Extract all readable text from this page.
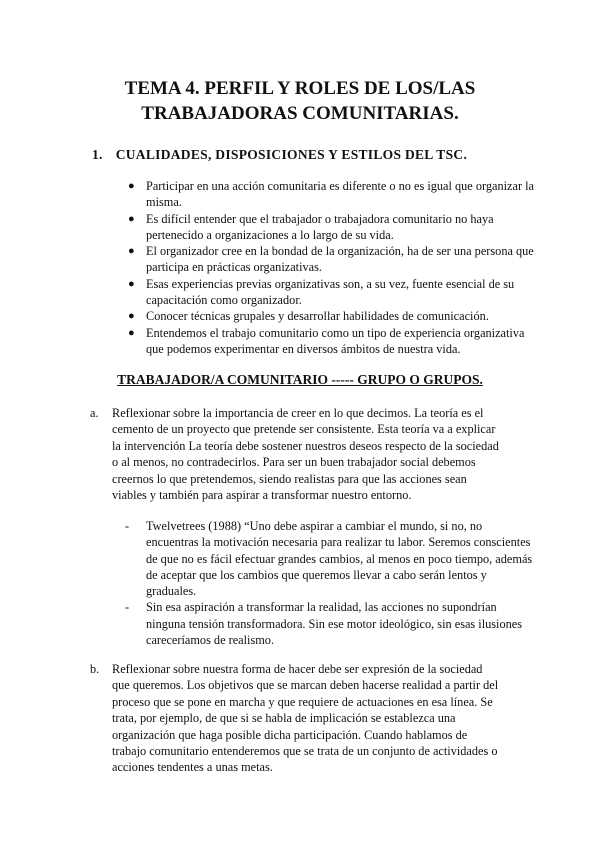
TEMA 4. PERFIL Y ROLES DE LOS/LAS
TRABAJADORAS COMUNITARIAS.
1. CUALIDADES, DISPOSICIONES Y ESTILOS DEL TSC.
● Participar en una acción comunitaria es diferente o no es igual que organizar la misma.
● Es difícil entender que el trabajador o trabajadora comunitario no haya pertenecido a organizaciones a lo largo de su vida.
● El organizador cree en la bondad de la organización, ha de ser una persona que participa en prácticas organizativas.
● Esas experiencias previas organizativas son, a su vez, fuente esencial de su capacitación como organizador.
● Conocer técnicas grupales y desarrollar habilidades de comunicación.
● Entendemos el trabajo comunitario como un tipo de experiencia organizativa que podemos experimentar en diversos ámbitos de nuestra vida.
TRABAJADOR/A COMUNITARIO ----- GRUPO O GRUPOS.

a.	Reflexionar sobre la importancia de creer en lo que decimos. La teoría es el cemento de un proyecto que pretende ser consistente. Esta teoría va a explicar la intervención La teoría debe sostener nuestros deseos respecto de la sociedad o al menos, no contradecirlos. Para ser un buen trabajador social debemos creernos lo que pretendemos, siendo realistas para que las acciones sean viables y también para aspirar a transformar nuestro entorno.

- Twelvetrees (1988) “Uno debe aspirar a cambiar el mundo, si no, no encuentras la motivación necesaria para realizar tu labor. Seremos conscientes de que no es fácil efectuar grandes cambios, al menos en poco tiempo, además de aceptar que los cambios que queremos llevar a cabo serán lentos y graduales.
- Sin esa aspiración a transformar la realidad, las acciones no supondrían ninguna tensión transformadora. Sin ese motor ideológico, sin esas ilusiones careceríamos de realismo.

b.	Reflexionar sobre nuestra forma de hacer debe ser expresión de la sociedad que queremos. Los objetivos que se marcan deben hacerse realidad a partir del proceso que se pone en marcha y que requiere de actuaciones en esa línea. Se trata, por ejemplo, de que si se habla de implicación se establezca una organización que haga posible dicha participación. Cuando hablamos de trabajo comunitario entenderemos que se trata de un conjunto de actividades o acciones tendentes a unas metas.
